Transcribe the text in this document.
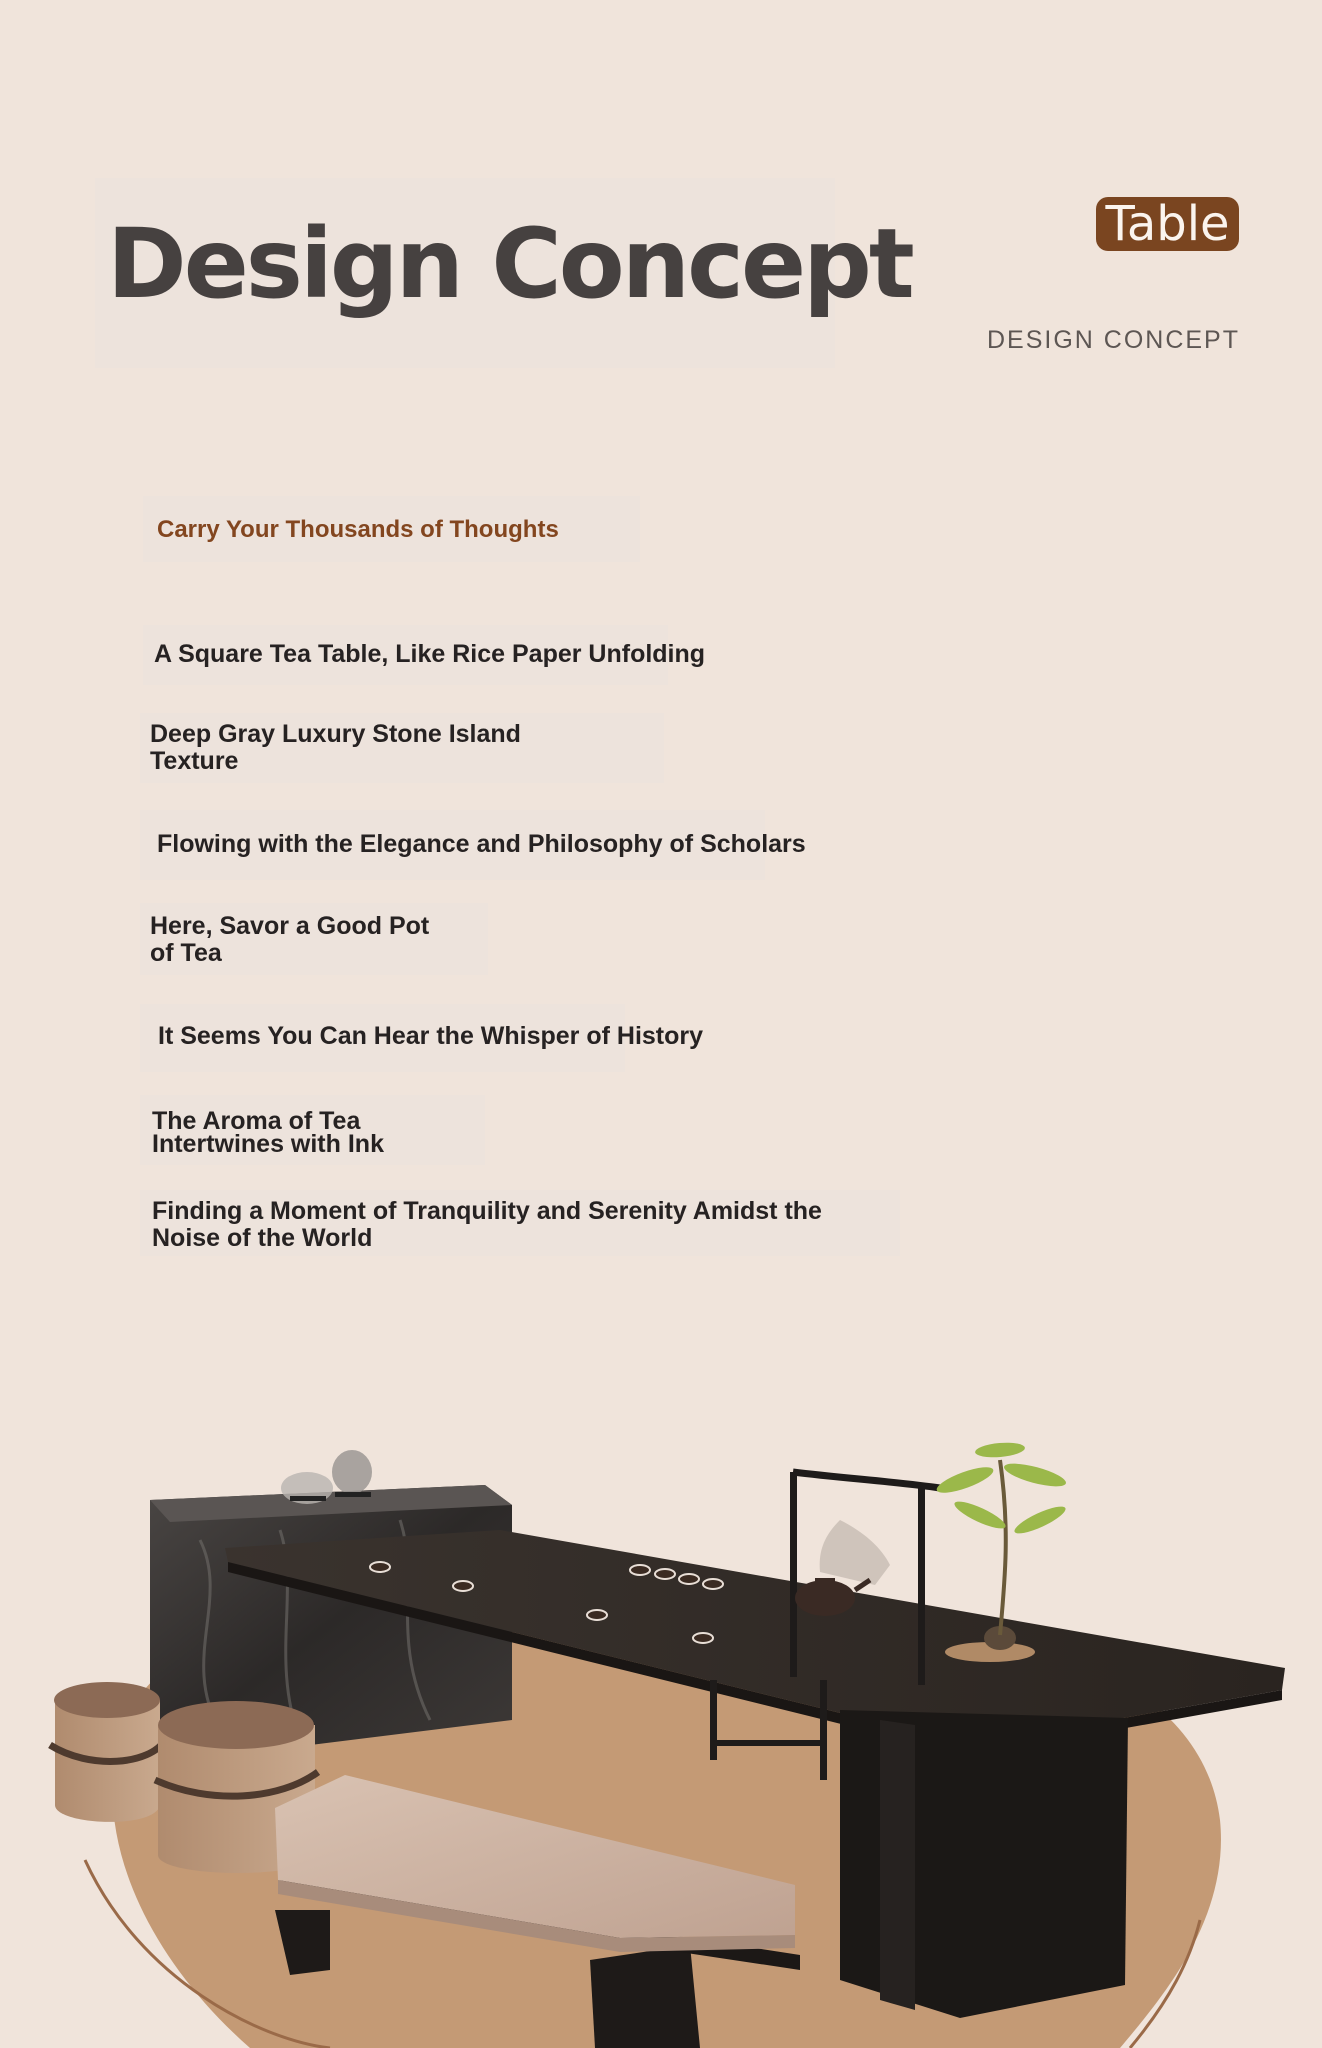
Design Concept	Table
DESIGN CONCEPT

Carry Your Thousands of Thoughts

A Square Tea Table, Like Rice Paper Unfolding

Deep Gray Luxury Stone Island

Texture

Flowing with the Elegance and Philosophy of Scholars

Here, Savor a Good Pot

of Tea

It Seems You Can Hear the Whisper of History

The Aroma of Tea

Intertwines with Ink

Finding a Moment of Tranquility and Serenity Amidst the

Noise of the World
